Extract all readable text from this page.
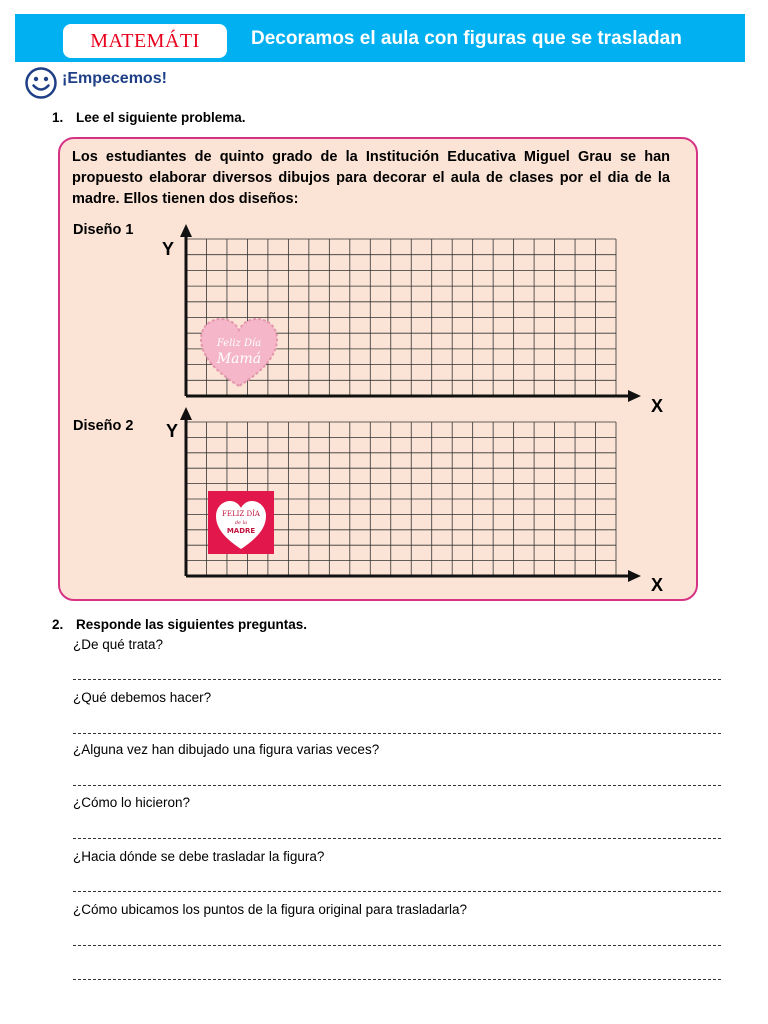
MATEMÁTI	Decoramos el aula con figuras que se trasladan
¡Empecemos!
1. Lee el siguiente problema.
Los estudiantes de quinto grado de la Institución Educativa Miguel Grau se han propuesto elaborar diversos dibujos para decorar el aula de clases por el dia de la madre. Ellos tienen dos diseños:
Diseño 1
Y
X
Feliz Día
Mamá
Diseño 2 Y
X
FELIZ DÍA
de la
MADRE
2. Responde las siguientes preguntas.
¿De qué trata?
¿Qué debemos hacer?
¿Alguna vez han dibujado una figura varias veces?
¿Cómo lo hicieron?
¿Hacia dónde se debe trasladar la figura?
¿Cómo ubicamos los puntos de la figura original para trasladarla?
